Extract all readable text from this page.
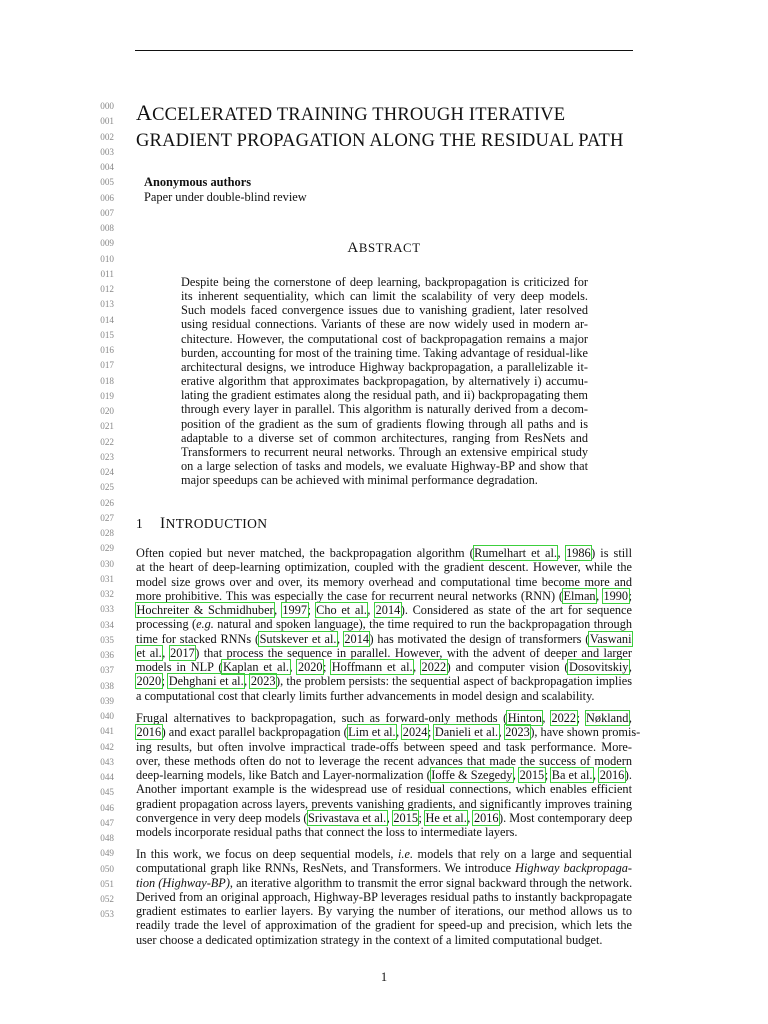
000
001
002
003
004
005
006
007
008
009
010
011
012
013
014
015
016
017
018
019
020
021
022
023
024
025
026
027
028
029
030
031
032
033
034
035
036
037
038
039
040
041
042
043
044
045
046
047
048
049
050
051
052
053
ACCELERATED TRAINING THROUGH ITERATIVE
GRADIENT PROPAGATION ALONG THE RESIDUAL PATH
Anonymous authors
Paper under double-blind review
ABSTRACT

Despite being the cornerstone of deep learning, backpropagation is criticized for
its inherent sequentiality, which can limit the scalability of very deep models.
Such models faced convergence issues due to vanishing gradient, later resolved
using residual connections. Variants of these are now widely used in modern ar-
chitecture. However, the computational cost of backpropagation remains a major
burden, accounting for most of the training time. Taking advantage of residual-like
architectural designs, we introduce Highway backpropagation, a parallelizable it-
erative algorithm that approximates backpropagation, by alternatively i) accumu-
lating the gradient estimates along the residual path, and ii) backpropagating them
through every layer in parallel. This algorithm is naturally derived from a decom-
position of the gradient as the sum of gradients flowing through all paths and is
adaptable to a diverse set of common architectures, ranging from ResNets and
Transformers to recurrent neural networks. Through an extensive empirical study
on a large selection of tasks and models, we evaluate Highway-BP and show that
major speedups can be achieved with minimal performance degradation.

1 INTRODUCTION

Often copied but never matched, the backpropagation algorithm (Rumelhart et al., 1986) is still
at the heart of deep-learning optimization, coupled with the gradient descent. However, while the
model size grows over and over, its memory overhead and computational time become more and
more prohibitive. This was especially the case for recurrent neural networks (RNN) (Elman, 1990;
Hochreiter & Schmidhuber, 1997; Cho et al., 2014). Considered as state of the art for sequence
processing (e.g. natural and spoken language), the time required to run the backpropagation through
time for stacked RNNs (Sutskever et al., 2014) has motivated the design of transformers (Vaswani
et al., 2017) that process the sequence in parallel. However, with the advent of deeper and larger
models in NLP (Kaplan et al., 2020; Hoffmann et al., 2022) and computer vision (Dosovitskiy,
2020; Dehghani et al., 2023), the problem persists: the sequential aspect of backpropagation implies
a computational cost that clearly limits further advancements in model design and scalability.

Frugal alternatives to backpropagation, such as forward-only methods (Hinton, 2022; Nøkland,
2016) and exact parallel backpropagation (Lim et al., 2024; Danieli et al., 2023), have shown promis-
ing results, but often involve impractical trade-offs between speed and task performance. More-
over, these methods often do not to leverage the recent advances that made the success of modern
deep-learning models, like Batch and Layer-normalization (Ioffe & Szegedy, 2015; Ba et al., 2016).
Another important example is the widespread use of residual connections, which enables efficient
gradient propagation across layers, prevents vanishing gradients, and significantly improves training
convergence in very deep models (Srivastava et al., 2015; He et al., 2016). Most contemporary deep
models incorporate residual paths that connect the loss to intermediate layers.

In this work, we focus on deep sequential models, i.e. models that rely on a large and sequential
computational graph like RNNs, ResNets, and Transformers. We introduce Highway backpropaga-
tion (Highway-BP), an iterative algorithm to transmit the error signal backward through the network.
Derived from an original approach, Highway-BP leverages residual paths to instantly backpropagate
gradient estimates to earlier layers. By varying the number of iterations, our method allows us to
readily trade the level of approximation of the gradient for speed-up and precision, which lets the
user choose a dedicated optimization strategy in the context of a limited computational budget.

1
